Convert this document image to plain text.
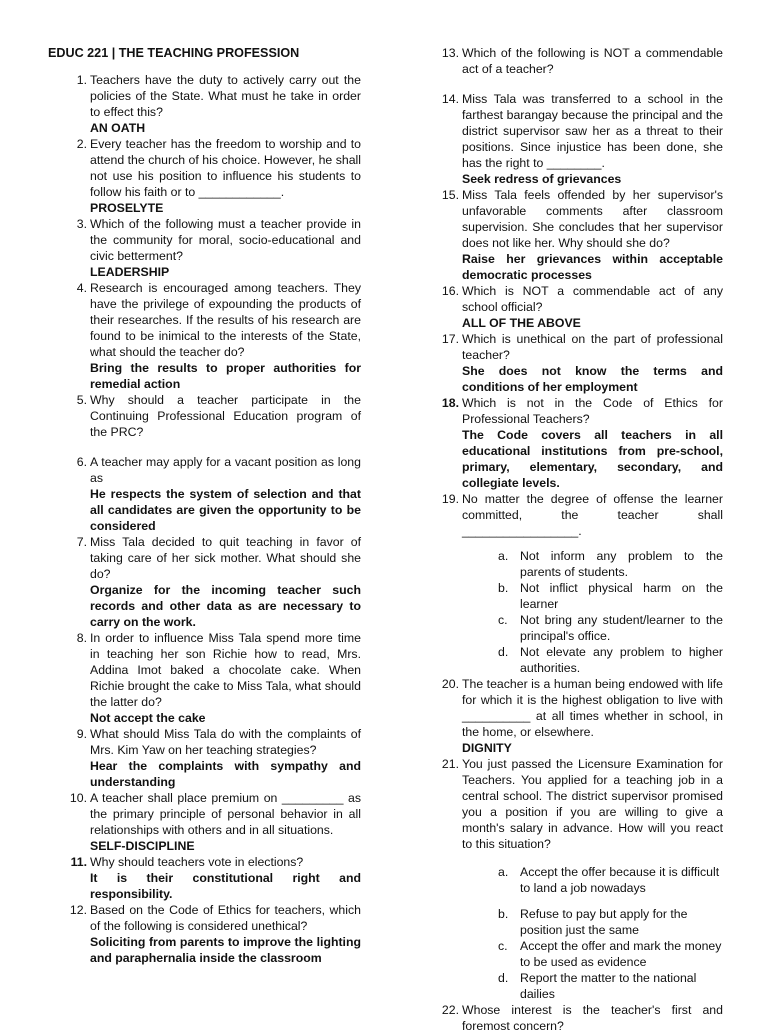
EDUC 221 | THE TEACHING PROFESSION
1. Teachers have the duty to actively carry out the policies of the State. What must he take in order to effect this?
AN OATH
2. Every teacher has the freedom to worship and to attend the church of his choice. However, he shall not use his position to influence his students to follow his faith or to ____________.
PROSELYTE
3. Which of the following must a teacher provide in the community for moral, socio-educational and civic betterment?
LEADERSHIP
4. Research is encouraged among teachers. They have the privilege of expounding the products of their researches. If the results of his research are found to be inimical to the interests of the State, what should the teacher do?
Bring the results to proper authorities for remedial action
5. Why should a teacher participate in the Continuing Professional Education program of the PRC?
6. A teacher may apply for a vacant position as long as
He respects the system of selection and that all candidates are given the opportunity to be considered
7. Miss Tala decided to quit teaching in favor of taking care of her sick mother. What should she do?
Organize for the incoming teacher such records and other data as are necessary to carry on the work.
8. In order to influence Miss Tala spend more time in teaching her son Richie how to read, Mrs. Addina Imot baked a chocolate cake. When Richie brought the cake to Miss Tala, what should the latter do?
Not accept the cake
9. What should Miss Tala do with the complaints of Mrs. Kim Yaw on her teaching strategies?
Hear the complaints with sympathy and understanding
10. A teacher shall place premium on _________ as the primary principle of personal behavior in all relationships with others and in all situations.
SELF-DISCIPLINE
11. Why should teachers vote in elections?
It is their constitutional right and responsibility.
12. Based on the Code of Ethics for teachers, which of the following is considered unethical?
Soliciting from parents to improve the lighting and paraphernalia inside the classroom
13. Which of the following is NOT a commendable act of a teacher?
14. Miss Tala was transferred to a school in the farthest barangay because the principal and the district supervisor saw her as a threat to their positions. Since injustice has been done, she has the right to ________.
Seek redress of grievances
15. Miss Tala feels offended by her supervisor's unfavorable comments after classroom supervision. She concludes that her supervisor does not like her. Why should she do?
Raise her grievances within acceptable democratic processes
16. Which is NOT a commendable act of any school official?
ALL OF THE ABOVE
17. Which is unethical on the part of professional teacher?
She does not know the terms and conditions of her employment
18. Which is not in the Code of Ethics for Professional Teachers?
The Code covers all teachers in all educational institutions from pre-school, primary, elementary, secondary, and collegiate levels.
19. No matter the degree of offense the learner committed, the teacher shall _________________.
a. Not inform any problem to the parents of students.
b. Not inflict physical harm on the learner
c. Not bring any student/learner to the principal's office.
d. Not elevate any problem to higher authorities.
20. The teacher is a human being endowed with life for which it is the highest obligation to live with __________ at all times whether in school, in the home, or elsewhere.
DIGNITY
21. You just passed the Licensure Examination for Teachers. You applied for a teaching job in a central school. The district supervisor promised you a position if you are willing to give a month's salary in advance. How will you react to this situation?
a. Accept the offer because it is difficult to land a job nowadays
b. Refuse to pay but apply for the position just the same
c. Accept the offer and mark the money to be used as evidence
d. Report the matter to the national dailies
22. Whose interest is the teacher's first and foremost concern?
